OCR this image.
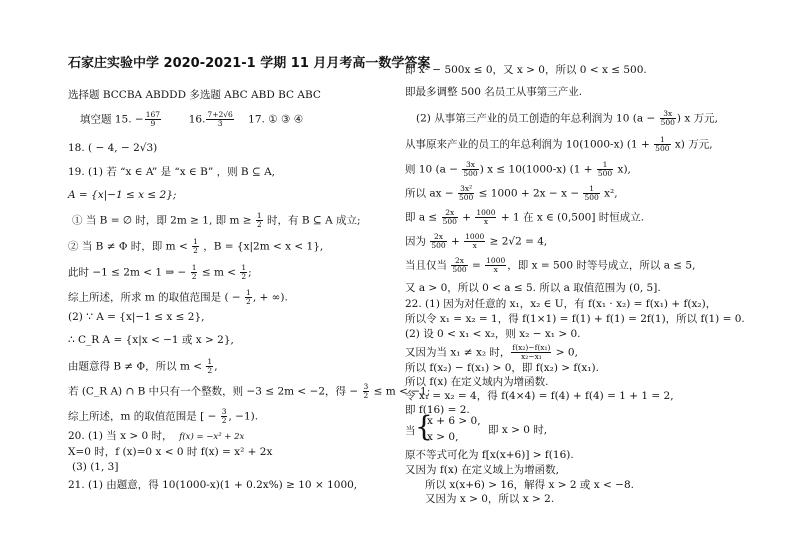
石家庄实验中学 2020-2021-1 学期 11 月月考高一数学答案
选择题 BCCBA ABDDD 多选题 ABC ABD BC ABC
填空题 15. − $\frac{167}{9}$	16. $\frac{7+2√6}{3} 17$. ① ③ ④
18. ( − 4, − 2√3)
19. (1) 若 “x ∈ A” 是 “x ∈ B” ，则 B ⊆ A,
A = {x|−1 ≤ x ≤ 2};
① 当 B = ∅ 时，即 2m ≥ 1, 即 $m \ge \frac{1}{2}$ 时，有 B ⊆ A 成立;
② 当 B ≠ Φ 时，即 $m < \frac{1}{2}$ ，B = {x|2m < x < 1},
此时 −1 ≤ 2m < 1 ⇒ − $\frac{1}{2} \le m < \frac{1}{2}$ ;
综上所述，所求 m 的取值范围是 ( − $\frac{1}{2}$ , + ∞).
(2) ∵ A = {x|−1 ≤ x ≤ 2},
∴ C_R A = {x|x < −1 或 x > 2},
由题意得 B ≠ Φ，所以 $m < \frac{1}{2}$ ,
若 (C_R A) ∩ B 中只有一个整数，则 −3 ≤ 2m < −2，得 − $\frac{3}{2} \le m < -1$;
综上所述，m 的取值范围是 [ − $\frac{3}{2}$ , −1).
20. (1) 当 x > 0 时， f(x) = −x² + 2x
X=0 时，f (x)=0 x < 0 时 f(x) = x² + 2x
(3) (1, 3]
21. (1) 由题意，得 10(1000-x)(1 + 0.2x%) ≥ 10 × 1000,
即 x² − 500x ≤ 0，又 x > 0，所以 0 < x ≤ 500.
即最多调整 500 名员工从事第三产业.
(2) 从事第三产业的员工创造的年总利润为 10 ($a - \frac{3x}{500}$ ) x 万元,
从事原来产业的员工的年总利润为 10(1000-x) $(1 + \frac{1}{500} x)$ 万元,
则 10 ($a - \frac{3x}{500}$ ) x ≤ 10(1000-x) $(1 + \frac{1}{500} x)$,
所以 ax − $\frac{\text{3x²}}{500} \le 1000 + 2x - x - \frac{1}{500} x^2$,
即 $a \le \frac{2x}{500} + \frac{1000}{x} + 1$ 在 x ∈ (0,500] 时恒成立.
因为 $\frac{2x}{500} + \frac{1000}{x} \ge 2√2 = 4$,
当且仅当 $\frac{2x}{500} = \frac{1000}{x}$ ，即 x = 500 时等号成立，所以 a ≤ 5,
又 a > 0，所以 0 < a ≤ 5. 所以 a 取值范围为 (0, 5].
22. (1) 因为对任意的 x₁，x₂ ∈ U，有 f(x₁ · x₂) = f(x₁) + f(x₂)，
所以令 x₁ = x₂ = 1，得 f(1×1) = f(1) + f(1) = 2f(1)，所以 f(1) = 0.
(2) 设 0 < x₁ < x₂，则 x₂ − x₁ > 0.
又因为当 x₁ ≠ x₂ 时， $\frac{\text{f(x₂)−f(x₁)}}{\text{x₂−x₁}} > 0$,
所以 f(x₂) − f(x₁) > 0，即 f(x₂) > f(x₁).
所以 f(x) 在定义域内为增函数.
令 x₁ = x₂ = 4，得 f(4×4) = f(4) + f(4) = 1 + 1 = 2,
即 f(16) = 2.
当 {
x + 6 > 0,
x > 0,
即 x > 0 时,
原不等式可化为 f[x(x+6)] > f(16).
又因为 f(x) 在定义域上为增函数,
所以 x(x+6) > 16，解得 x > 2 或 x < −8.
又因为 x > 0，所以 x > 2.
